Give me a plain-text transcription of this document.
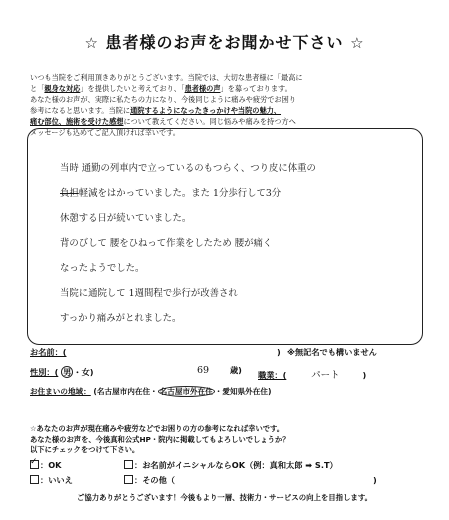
☆ 患者様のお声をお聞かせ下さい ☆
いつも当院をご利用頂きありがとうございます。当院では、大切な患者様に「最高に
と「親身な対応」を提供したいと考えており、「患者様の声」を募っております。
あなた様のお声が、実際に私たちの力になり、今後同じように痛みや疲労でお困り
参考になると思います。当院に通院するようになったきっかけや当院の魅力、
痛む部位、施術を受けた感想について教えてください。同じ悩みや痛みを持つ方へ
メッセージも込めてご記入頂ければ幸いです。
当時 通勤の列車内で立っているのもつらく、つり皮に体重の
負担軽減をはかっていました。また 1分歩行して3分
休憩する日が続いていました。
背のびして 腰をひねって作業をしたため 腰が痛く
なったようでした。
当院に通院して 1週間程で歩行が改善され
すっかり痛みがとれました。
お名前：(	) ※無記名でも構いません
性別：( 男 ・女)	69	歳) 職業：(	パート	)
お住まいの地域： (名古屋市内在住・ 名古屋市外在住 ・愛知県外在住)
☆あなたのお声が現在痛みや疲労などでお困りの方の参考になれば幸いです。
あなた様のお声を、今後真和公式HP・院内に掲載してもよろしいでしょうか？
以下にチェックをつけて下さい。
✓：OK	：お名前がイニシャルならOK（例：真和太郎 ➡ S.T）
：いいえ	：その他（	)
ご協力ありがとうございます！今後もより一層、技術力・サービスの向上を目指します。
